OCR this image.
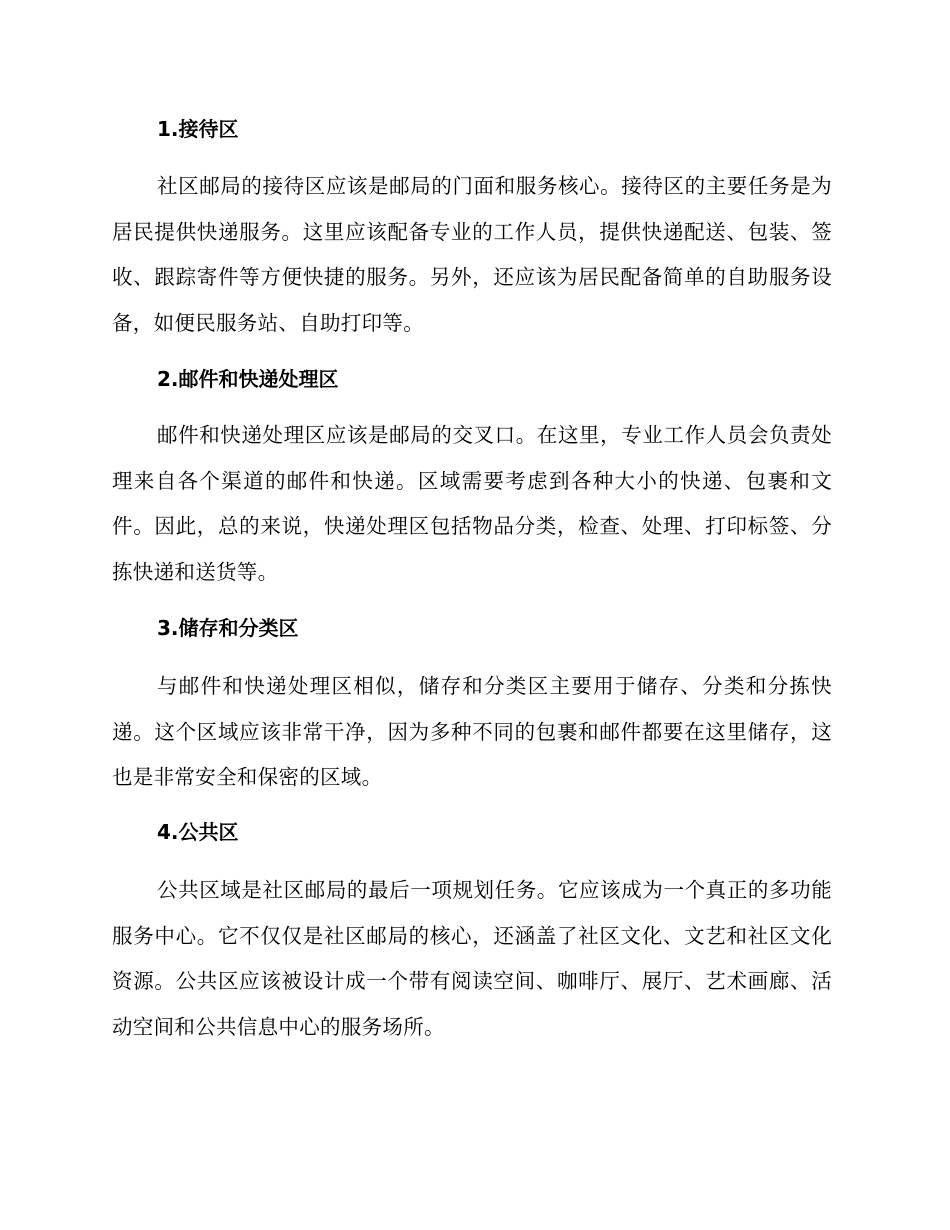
1.接待区
社区邮局的接待区应该是邮局的门面和服务核心。接待区的主要任务是为居民提供快递服务。这里应该配备专业的工作人员，提供快递配送、包装、签收、跟踪寄件等方便快捷的服务。另外，还应该为居民配备简单的自助服务设备，如便民服务站、自助打印等。
2.邮件和快递处理区
邮件和快递处理区应该是邮局的交叉口。在这里，专业工作人员会负责处理来自各个渠道的邮件和快递。区域需要考虑到各种大小的快递、包裹和文件。因此，总的来说，快递处理区包括物品分类，检查、处理、打印标签、分拣快递和送货等。
3.储存和分类区
与邮件和快递处理区相似，储存和分类区主要用于储存、分类和分拣快递。这个区域应该非常干净，因为多种不同的包裹和邮件都要在这里储存，这也是非常安全和保密的区域。
4.公共区
公共区域是社区邮局的最后一项规划任务。它应该成为一个真正的多功能服务中心。它不仅仅是社区邮局的核心，还涵盖了社区文化、文艺和社区文化资源。公共区应该被设计成一个带有阅读空间、咖啡厅、展厅、艺术画廊、活动空间和公共信息中心的服务场所。
